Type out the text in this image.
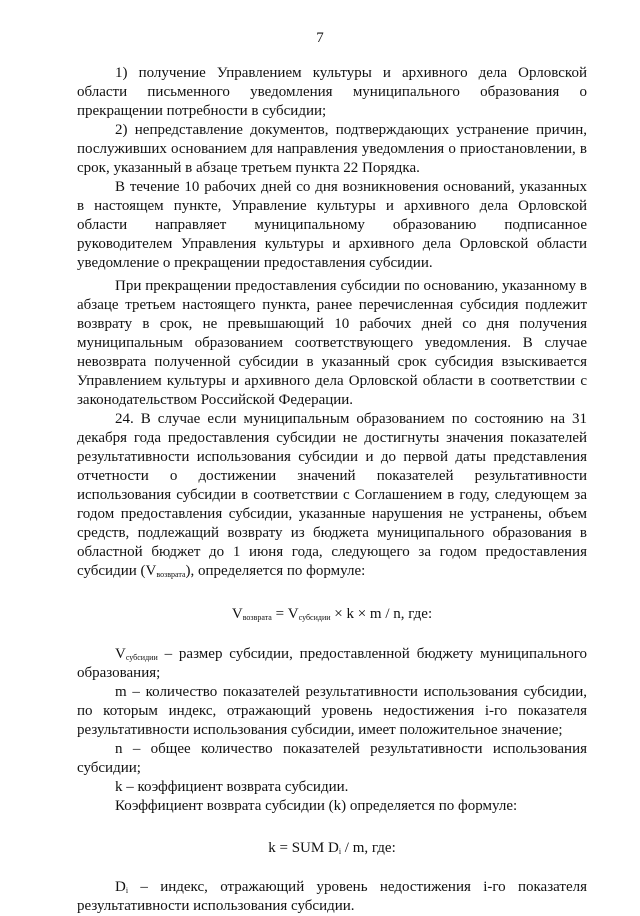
7

1) получение Управлением культуры и архивного дела Орловской области письменного уведомления муниципального образования о прекращении потребности в субсидии;

2) непредставление документов, подтверждающих устранение причин, послуживших основанием для направления уведомления о приостановлении, в срок, указанный в абзаце третьем пункта 22 Порядка.

В течение 10 рабочих дней со дня возникновения оснований, указанных в настоящем пункте, Управление культуры и архивного дела Орловской области направляет муниципальному образованию подписанное руководителем Управления культуры и архивного дела Орловской области уведомление о прекращении предоставления субсидии.

При прекращении предоставления субсидии по основанию, указанному в абзаце третьем настоящего пункта, ранее перечисленная субсидия подлежит возврату в срок, не превышающий 10 рабочих дней со дня получения муниципальным образованием соответствующего уведомления. В случае невозврата полученной субсидии в указанный срок субсидия взыскивается Управлением культуры и архивного дела Орловской области в соответствии с законодательством Российской Федерации.

24. В случае если муниципальным образованием по состоянию на 31 декабря года предоставления субсидии не достигнуты значения показателей результативности использования субсидии и до первой даты представления отчетности о достижении значений показателей результативности использования субсидии в соответствии с Соглашением в году, следующем за годом предоставления субсидии, указанные нарушения не устранены, объем средств, подлежащий возврату из бюджета муниципального образования в областной бюджет до 1 июня года, следующего за годом предоставления субсидии $(V_{возврата})$, определяется по формуле:

$V_{возврата} = V_{субсидии} \times k \times m / n$, где:

$V_{субсидии}$ – размер субсидии, предоставленной бюджету муниципального образования;

m – количество показателей результативности использования субсидии, по которым индекс, отражающий уровень недостижения i-го показателя результативности использования субсидии, имеет положительное значение;

n – общее количество показателей результативности использования субсидии;

k – коэффициент возврата субсидии.

Коэффициент возврата субсидии (k) определяется по формуле:

k = SUM $D_i$ / m, где:

$D_i$ – индекс, отражающий уровень недостижения i-го показателя результативности использования субсидии.
